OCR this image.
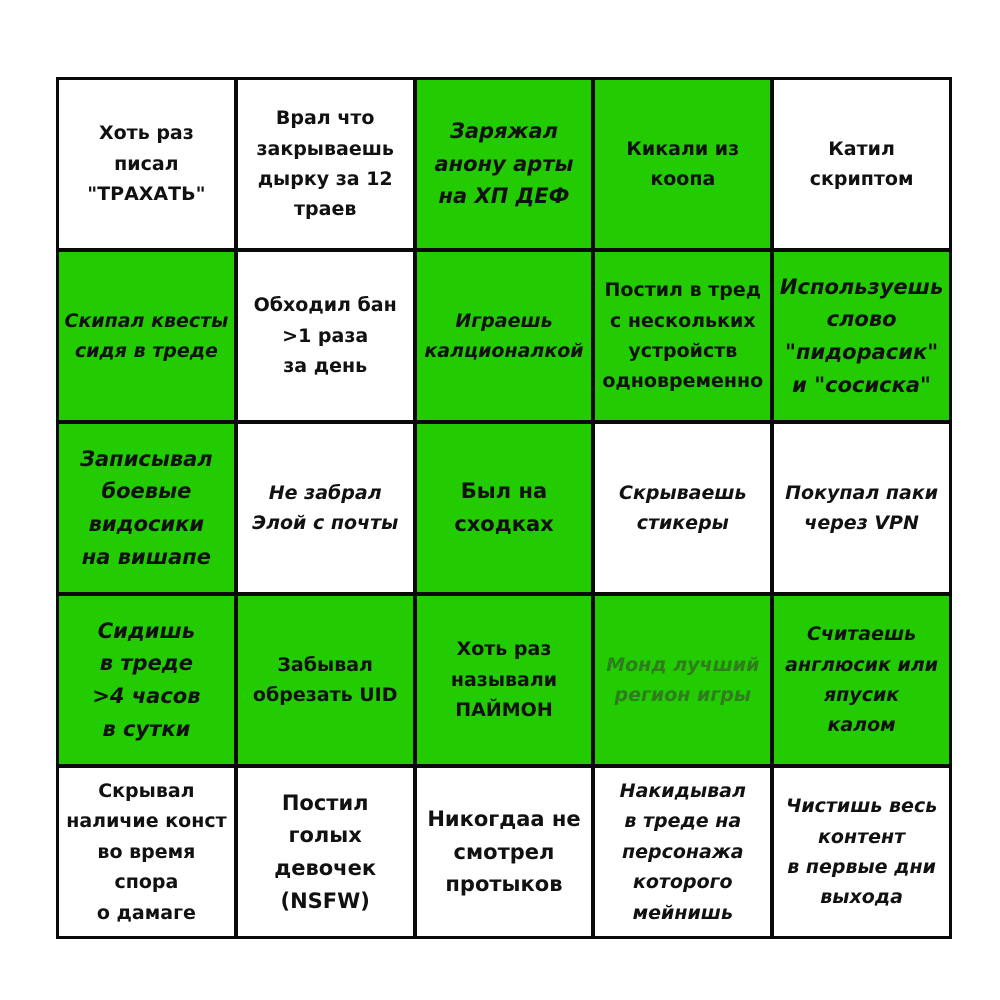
Хоть раз
писал
"ТРАХАТЬ"
Врал что
закрываешь
дырку за 12
траев
Заряжал
анону арты
на ХП ДЕФ
Кикали из
коопа
Катил
скриптом
Скипал квесты
сидя в треде
Обходил бан
>1 раза
за день
Играешь
калционалкой
Постил в тред
с нескольких
устройств
одновременно
Используешь
слово
"пидорасик"
и "сосиска"
Записывал
боевые
видосики
на вишапе
Не забрал
Элой с почты
Был на
сходках
Скрываешь
стикеры
Покупал паки
через VPN
Сидишь
в треде
>4 часов
в сутки
Забывал
обрезать UID
Хоть раз
называли
ПАЙМОН
Монд лучший
регион игры
Считаешь
англюсик или
япусик
калом
Скрывал
наличие конст
во время спора
о дамаге
Постил
голых
девочек
(NSFW)
Никогдаа не
смотрел
протыков
Накидывал
в треде на
персонажа
которого
мейнишь
Чистишь весь
контент
в первые дни
выхода
